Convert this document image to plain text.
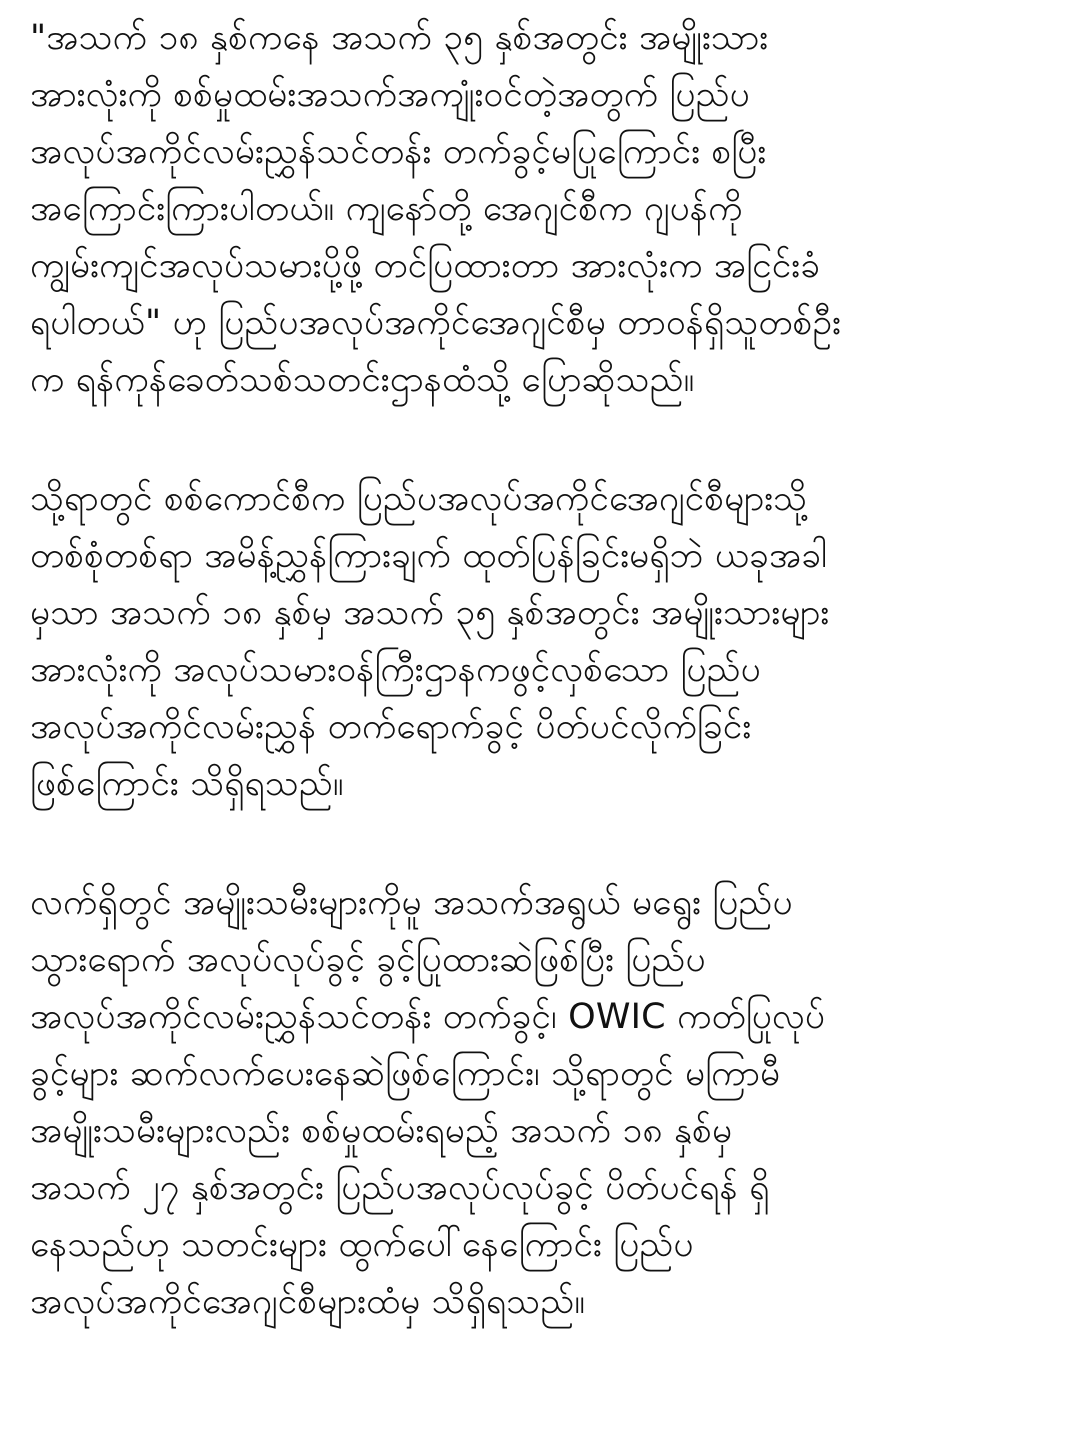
"အသက် ၁၈ နှစ်ကနေ အသက် ၃၅ နှစ်အတွင်း အမျိုးသား
အားလုံးကို စစ်မှုထမ်းအသက်အကျုံးဝင်တဲ့အတွက် ပြည်ပ
အလုပ်အကိုင်လမ်းညွှန်သင်တန်း တက်ခွင့်မပြုကြောင်း စပြီး
အကြောင်းကြားပါတယ်။ ကျနော်တို့ အေဂျင်စီက ဂျပန်ကို
ကျွမ်းကျင်အလုပ်သမားပို့ဖို့ တင်ပြထားတာ အားလုံးက အငြင်းခံ
ရပါတယ်" ဟု ပြည်ပအလုပ်အကိုင်အေဂျင်စီမှ တာဝန်ရှိသူတစ်ဦး
က ရန်ကုန်ခေတ်သစ်သတင်းဌာနထံသို့ ပြောဆိုသည်။

သို့ရာတွင် စစ်ကောင်စီက ပြည်ပအလုပ်အကိုင်အေဂျင်စီများသို့
တစ်စုံတစ်ရာ အမိန့်ညွှန်ကြားချက် ထုတ်ပြန်ခြင်းမရှိဘဲ ယခုအခါ
မှသာ အသက် ၁၈ နှစ်မှ အသက် ၃၅ နှစ်အတွင်း အမျိုးသားများ
အားလုံးကို အလုပ်သမားဝန်ကြီးဌာနကဖွင့်လှစ်သော ပြည်ပ
အလုပ်အကိုင်လမ်းညွှန် တက်ရောက်ခွင့် ပိတ်ပင်လိုက်ခြင်း
ဖြစ်ကြောင်း သိရှိရသည်။

လက်ရှိတွင် အမျိုးသမီးများကိုမူ အသက်အရွယ် မရွေး ပြည်ပ
သွားရောက် အလုပ်လုပ်ခွင့် ခွင့်ပြုထားဆဲဖြစ်ပြီး ပြည်ပ
အလုပ်အကိုင်လမ်းညွှန်သင်တန်း တက်ခွင့်၊ OWIC ကတ်ပြုလုပ်
ခွင့်များ ဆက်လက်ပေးနေဆဲဖြစ်ကြောင်း၊ သို့ရာတွင် မကြာမီ
အမျိုးသမီးများလည်း စစ်မှုထမ်းရမည့် အသက် ၁၈ နှစ်မှ
အသက် ၂၇ နှစ်အတွင်း ပြည်ပအလုပ်လုပ်ခွင့် ပိတ်ပင်ရန် ရှိ
နေသည်ဟု သတင်းများ ထွက်ပေါ်နေကြောင်း ပြည်ပ
အလုပ်အကိုင်အေဂျင်စီများထံမှ သိရှိရသည်။
